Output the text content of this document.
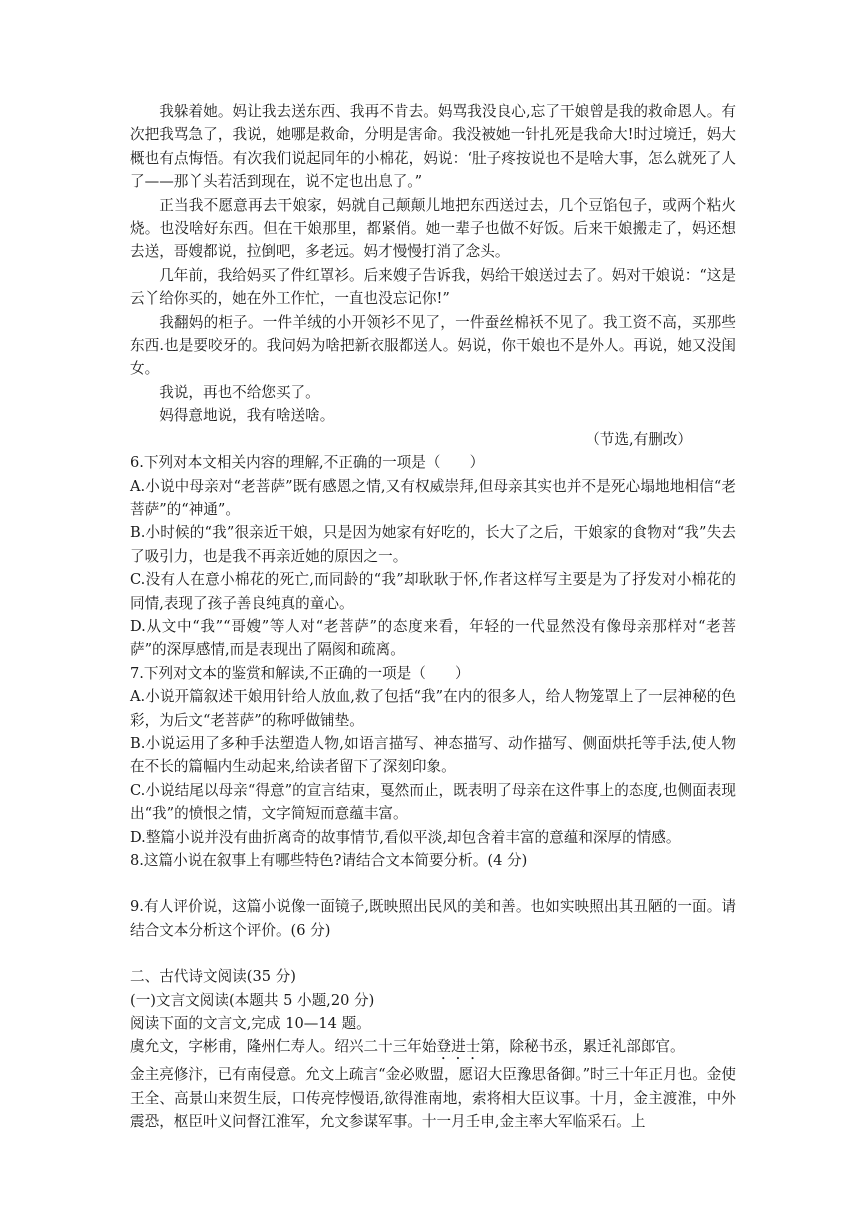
我躲着她。妈让我去送东西、我再不肯去。妈骂我没良心,忘了干娘曾是我的救命恩人。有次把我骂急了，我说，她哪是救命，分明是害命。我没被她一针扎死是我命大!时过境迁，妈大概也有点悔悟。有次我们说起同年的小棉花，妈说：‘肚子疼按说也不是啥大事，怎么就死了人了——那丫头若活到现在，说不定也出息了。”

正当我不愿意再去干娘家，妈就自己颠颠儿地把东西送过去，几个豆馅包子，或两个粘火烧。也没啥好东西。但在干娘那里，都紧俏。她一辈子也做不好饭。后来干娘搬走了，妈还想去送，哥嫂都说，拉倒吧，多老远。妈才慢慢打消了念头。

几年前，我给妈买了件红罩衫。后来嫂子告诉我，妈给干娘送过去了。妈对干娘说：“这是云丫给你买的，她在外工作忙，一直也没忘记你!”

我翻妈的柜子。一件羊绒的小开领衫不见了，一件蚕丝棉袄不见了。我工资不高，买那些东西.也是要咬牙的。我问妈为啥把新衣服都送人。妈说，你干娘也不是外人。再说，她又没闺女。

我说，再也不给您买了。

妈得意地说，我有啥送啥。

（节选,有删改）

6.下列对本文相关内容的理解,不正确的一项是（　　）

A.小说中母亲对“老菩萨”既有感恩之情,又有权威崇拜,但母亲其实也并不是死心塌地地相信“老菩萨”的“神通”。

B.小时候的“我”很亲近干娘，只是因为她家有好吃的，长大了之后，干娘家的食物对“我”失去了吸引力，也是我不再亲近她的原因之一。

C.没有人在意小棉花的死亡,而同龄的“我”却耿耿于怀,作者这样写主要是为了抒发对小棉花的同情,表现了孩子善良纯真的童心。

D.从文中“我”“哥嫂”等人对“老菩萨”的态度来看，年轻的一代显然没有像母亲那样对“老菩萨”的深厚感情,而是表现出了隔阂和疏离。

7.下列对文本的鉴赏和解读,不正确的一项是（　　）

A.小说开篇叙述干娘用针给人放血,救了包括“我”在内的很多人，给人物笼罩上了一层神秘的色彩，为后文“老菩萨”的称呼做铺垫。

B.小说运用了多种手法塑造人物,如语言描写、神态描写、动作描写、侧面烘托等手法,使人物在不长的篇幅内生动起来,给读者留下了深刻印象。

C.小说结尾以母亲“得意”的宣言结束，戛然而止，既表明了母亲在这件事上的态度,也侧面表现出“我”的愤恨之情，文字简短而意蕴丰富。

D.整篇小说并没有曲折离奇的故事情节,看似平淡,却包含着丰富的意蕴和深厚的情感。

8.这篇小说在叙事上有哪些特色?请结合文本简要分析。(4 分)

9.有人评价说，这篇小说像一面镜子,既映照出民风的美和善。也如实映照出其丑陋的一面。请结合文本分析这个评价。(6 分)

二、古代诗文阅读(35 分)

(一)文言文阅读(本题共 5 小题,20 分)

阅读下面的文言文,完成 10—14 题。

虞允文，字彬甫，隆州仁寿人。绍兴二十三年始登进士第，除秘书丞，累迁礼部郎官。

金主亮修汴，已有南侵意。允文上疏言“金必败盟，愿诏大臣豫思备御。”时三十年正月也。金使王全、高景山来贺生辰，口传亮悖慢语,欲得淮南地，索将相大臣议事。十月，金主渡淮，中外震恐，枢臣叶义问督江淮军，允文参谋军事。十一月壬申,金主率大军临采石。上
